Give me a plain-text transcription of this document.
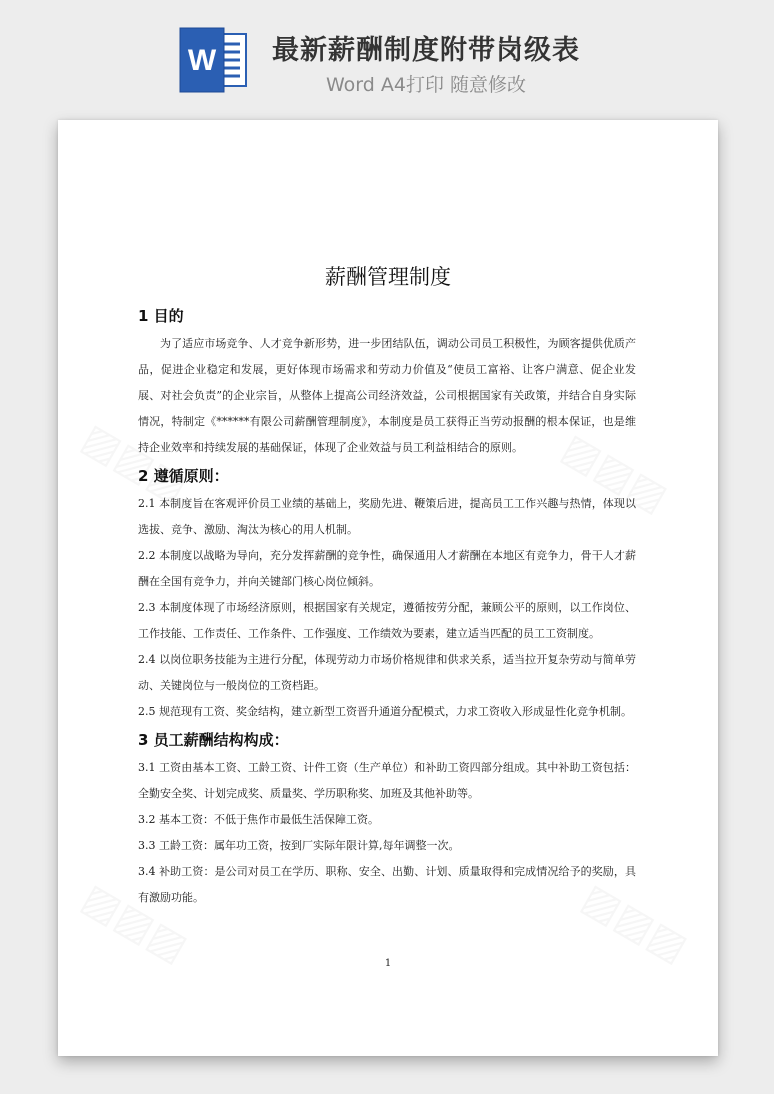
W 最新薪酬制度附带岗级表
Word A4打印 随意修改
薪酬管理制度
1 目的

为了适应市场竞争、人才竞争新形势，进一步团结队伍，调动公司员工积极性，为顾客提供优质产品，促进企业稳定和发展，更好体现市场需求和劳动力价值及“使员工富裕、让客户满意、促企业发展、对社会负责”的企业宗旨，从整体上提高公司经济效益，公司根据国家有关政策，并结合自身实际情况，特制定《******有限公司薪酬管理制度》，本制度是员工获得正当劳动报酬的根本保证，也是维持企业效率和持续发展的基础保证，体现了企业效益与员工利益相结合的原则。

2 遵循原则：

2.1 本制度旨在客观评价员工业绩的基础上，奖励先进、鞭策后进，提高员工工作兴趣与热情，体现以选拔、竞争、激励、淘汰为核心的用人机制。

2.2 本制度以战略为导向，充分发挥薪酬的竞争性，确保通用人才薪酬在本地区有竞争力，骨干人才薪酬在全国有竞争力，并向关键部门核心岗位倾斜。

2.3 本制度体现了市场经济原则，根据国家有关规定，遵循按劳分配，兼顾公平的原则，以工作岗位、工作技能、工作责任、工作条件、工作强度、工作绩效为要素，建立适当匹配的员工工资制度。

2.4 以岗位职务技能为主进行分配，体现劳动力市场价格规律和供求关系，适当拉开复杂劳动与简单劳动、关键岗位与一般岗位的工资档距。

2.5 规范现有工资、奖金结构，建立新型工资晋升通道分配模式，力求工资收入形成显性化竞争机制。

3 员工薪酬结构构成：

3.1 工资由基本工资、工龄工资、计件工资（生产单位）和补助工资四部分组成。其中补助工资包括：全勤安全奖、计划完成奖、质量奖、学历职称奖、加班及其他补助等。

3.2 基本工资：不低于焦作市最低生活保障工资。

3.3 工龄工资：属年功工资，按到厂实际年限计算,每年调整一次。

3.4 补助工资：是公司对员工在学历、职称、安全、出勤、计划、质量取得和完成情况给予的奖励，具有激励功能。

1
